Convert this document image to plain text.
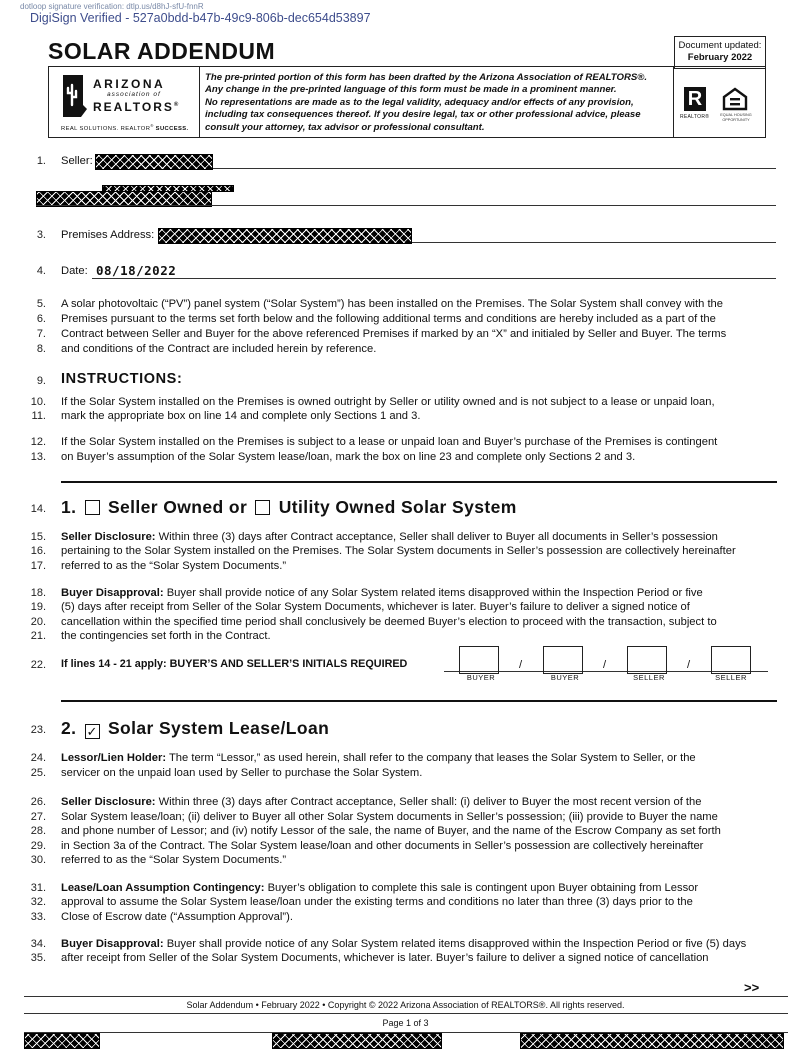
dotloop signature verification: dtlp.us/d8hJ-sfU-fnnR
DigiSign Verified - 527a0bdd-b47b-49c9-806b-dec654d53897
SOLAR ADDENDUM	Document updated:
February 2022
ARIZONA
association of
REALTORS®
REAL SOLUTIONS. REALTOR® SUCCESS.
The pre-printed portion of this form has been drafted by the Arizona Association of REALTORS®.
Any change in the pre-printed language of this form must be made in a prominent manner.
No representations are made as to the legal validity, adequacy and/or effects of any provision,
including tax consequences thereof. If you desire legal, tax or other professional advice, please
consult your attorney, tax advisor or professional consultant.
R
REALTOR®	EQUAL HOUSING OPPORTUNITY
1. Seller:
3. Premises Address:
4. Date: 08/18/2022
5.
6.
7.
8.
A solar photovoltaic (“PV”) panel system (“Solar System”) has been installed on the Premises. The Solar System shall convey with the
Premises pursuant to the terms set forth below and the following additional terms and conditions are hereby included as a part of the
Contract between Seller and Buyer for the above referenced Premises if marked by an “X” and initialed by Seller and Buyer. The terms
and conditions of the Contract are included herein by reference.
9. INSTRUCTIONS:
10.
11.
If the Solar System installed on the Premises is owned outright by Seller or utility owned and is not subject to a lease or unpaid loan,
mark the appropriate box on line 14 and complete only Sections 1 and 3.
12.
13.
If the Solar System installed on the Premises is subject to a lease or unpaid loan and Buyer’s purchase of the Premises is contingent
on Buyer’s assumption of the Solar System lease/loan, mark the box on line 23 and complete only Sections 2 and 3.
14. 1. Seller Owned or Utility Owned Solar System
15.
16.
17.
Seller Disclosure: Within three (3) days after Contract acceptance, Seller shall deliver to Buyer all documents in Seller’s possession
pertaining to the Solar System installed on the Premises. The Solar System documents in Seller’s possession are collectively hereinafter
referred to as the “Solar System Documents.”
18.
19.
20.
21.
Buyer Disapproval: Buyer shall provide notice of any Solar System related items disapproved within the Inspection Period or five
(5) days after receipt from Seller of the Solar System Documents, whichever is later. Buyer’s failure to deliver a signed notice of
cancellation within the specified time period shall conclusively be deemed Buyer’s election to proceed with the transaction, subject to
the contingencies set forth in the Contract.
22. If lines 14 - 21 apply: BUYER’S AND SELLER’S INITIALS REQUIRED
BUYER
/
BUYER
/
SELLER
/
SELLER
23. 2. ✓ Solar System Lease/Loan
24.
25.
Lessor/Lien Holder: The term “Lessor,” as used herein, shall refer to the company that leases the Solar System to Seller, or the
servicer on the unpaid loan used by Seller to purchase the Solar System.
26.
27.
28.
29.
30.
Seller Disclosure: Within three (3) days after Contract acceptance, Seller shall: (i) deliver to Buyer the most recent version of the
Solar System lease/loan; (ii) deliver to Buyer all other Solar System documents in Seller’s possession; (iii) provide to Buyer the name
and phone number of Lessor; and (iv) notify Lessor of the sale, the name of Buyer, and the name of the Escrow Company as set forth
in Section 3a of the Contract. The Solar System lease/loan and other documents in Seller’s possession are collectively hereinafter
referred to as the “Solar System Documents.”
31.
32.
33.
Lease/Loan Assumption Contingency: Buyer’s obligation to complete this sale is contingent upon Buyer obtaining from Lessor
approval to assume the Solar System lease/loan under the existing terms and conditions no later than three (3) days prior to the
Close of Escrow date (“Assumption Approval”).
34.
35.
Buyer Disapproval: Buyer shall provide notice of any Solar System related items disapproved within the Inspection Period or five (5) days
after receipt from Seller of the Solar System Documents, whichever is later. Buyer’s failure to deliver a signed notice of cancellation
>>
Solar Addendum • February 2022 • Copyright © 2022 Arizona Association of REALTORS®. All rights reserved.
Page 1 of 3
